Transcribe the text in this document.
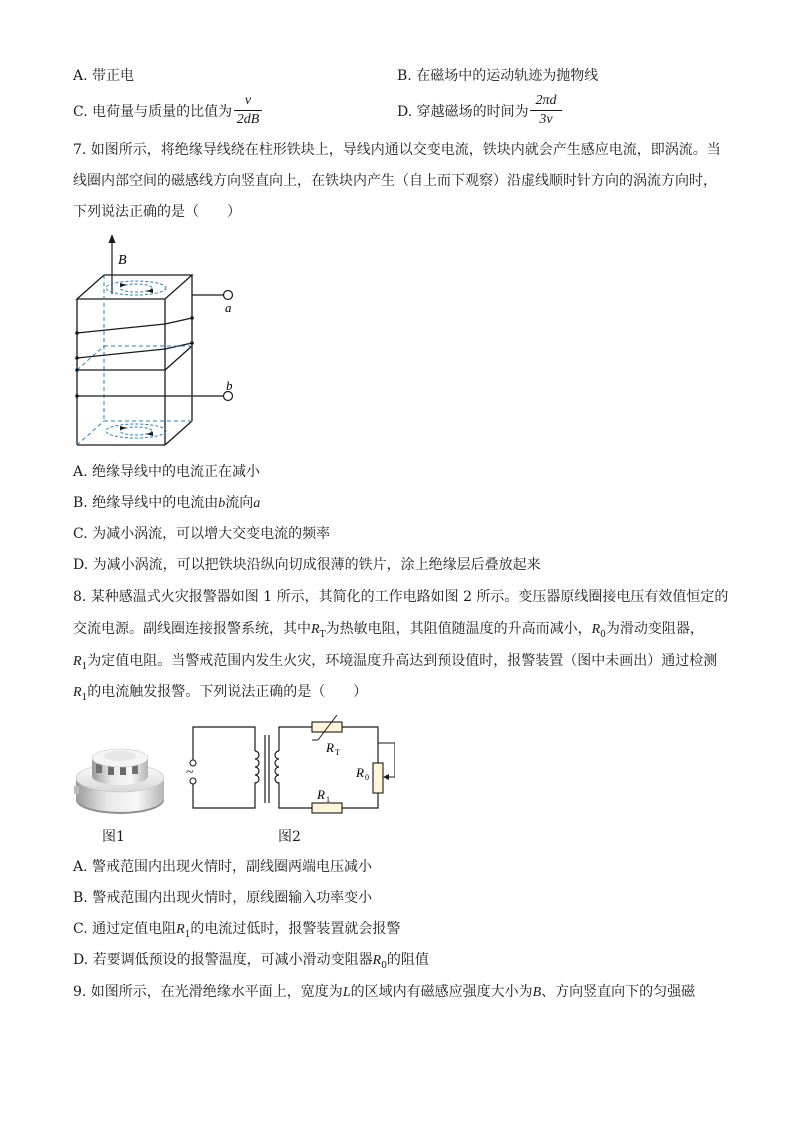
A. 带正电	B. 在磁场中的运动轨迹为抛物线
C. 电荷量与质量的比值为
v
2dB	D. 穿越磁场的时间为
2πd
3v
7. 如图所示，将绝缘导线绕在柱形铁块上，导线内通以交变电流，铁块内就会产生感应电流，即涡流。当
线圈内部空间的磁感线方向竖直向上，在铁块内产生（自上而下观察）沿虚线顺时针方向的涡流方向时，
下列说法正确的是（　　）
B
a
b
A. 绝缘导线中的电流正在减小
B. 绝缘导线中的电流由b流向a
C. 为减小涡流，可以增大交变电流的频率
D. 为减小涡流，可以把铁块沿纵向切成很薄的铁片，涂上绝缘层后叠放起来
8. 某种感温式火灾报警器如图 1 所示，其简化的工作电路如图 2 所示。变压器原线圈接电压有效值恒定的
交流电源。副线圈连接报警系统，其中$R_T$为热敏电阻，其阻值随温度的升高而减小，$R_0$为滑动变阻器，
$R_1$为定值电阻。当警戒范围内发生火灾，环境温度升高达到预设值时，报警装置（图中未画出）通过检测
$R_1$的电流触发报警。下列说法正确的是（　　）
图1
~
R T
R 0
R 1
图2
A. 警戒范围内出现火情时，副线圈两端电压减小
B. 警戒范围内出现火情时，原线圈输入功率变小
C. 通过定值电阻$R_1$的电流过低时，报警装置就会报警
D. 若要调低预设的报警温度，可减小滑动变阻器$R_0$的阻值
9. 如图所示，在光滑绝缘水平面上，宽度为L的区域内有磁感应强度大小为B、方向竖直向下的匀强磁
